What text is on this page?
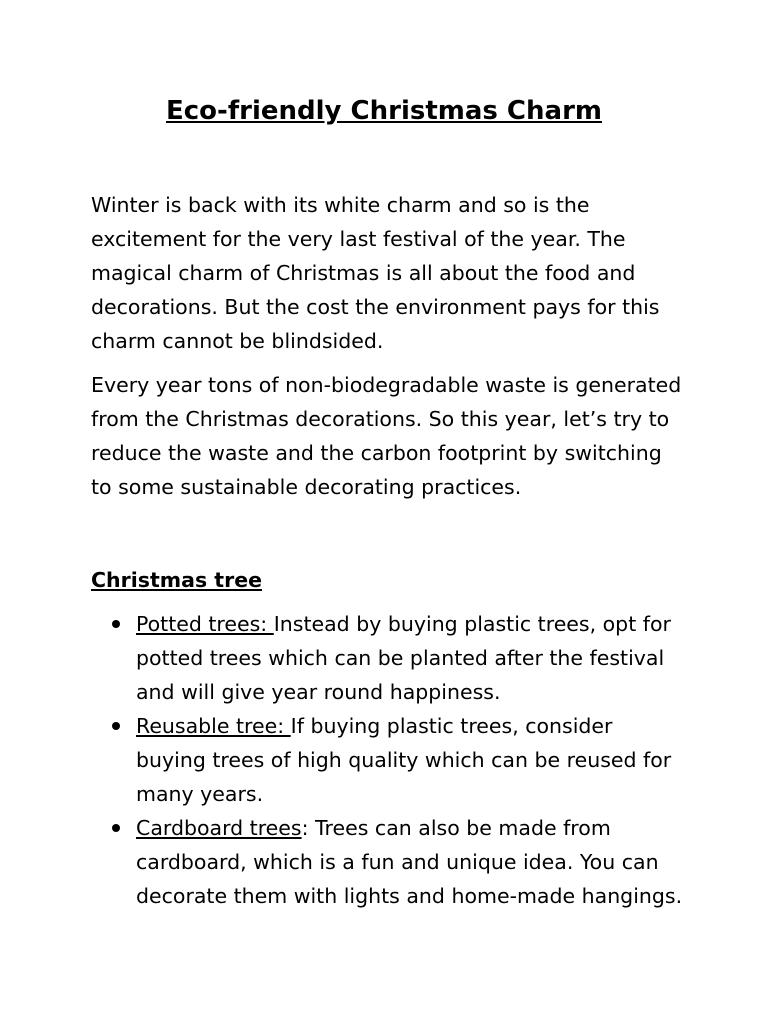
Eco-friendly Christmas Charm

Winter is back with its white charm and so is the excitement for the very last festival of the year. The magical charm of Christmas is all about the food and decorations. But the cost the environment pays for this charm cannot be blindsided.

Every year tons of non-biodegradable waste is generated from the Christmas decorations. So this year, let’s try to reduce the waste and the carbon footprint by switching to some sustainable decorating practices.

Christmas tree
Potted trees: Instead by buying plastic trees, opt for potted trees which can be planted after the festival and will give year round happiness.
Reusable tree: If buying plastic trees, consider buying trees of high quality which can be reused for many years.
Cardboard trees: Trees can also be made from cardboard, which is a fun and unique idea. You can decorate them with lights and home-made hangings.
